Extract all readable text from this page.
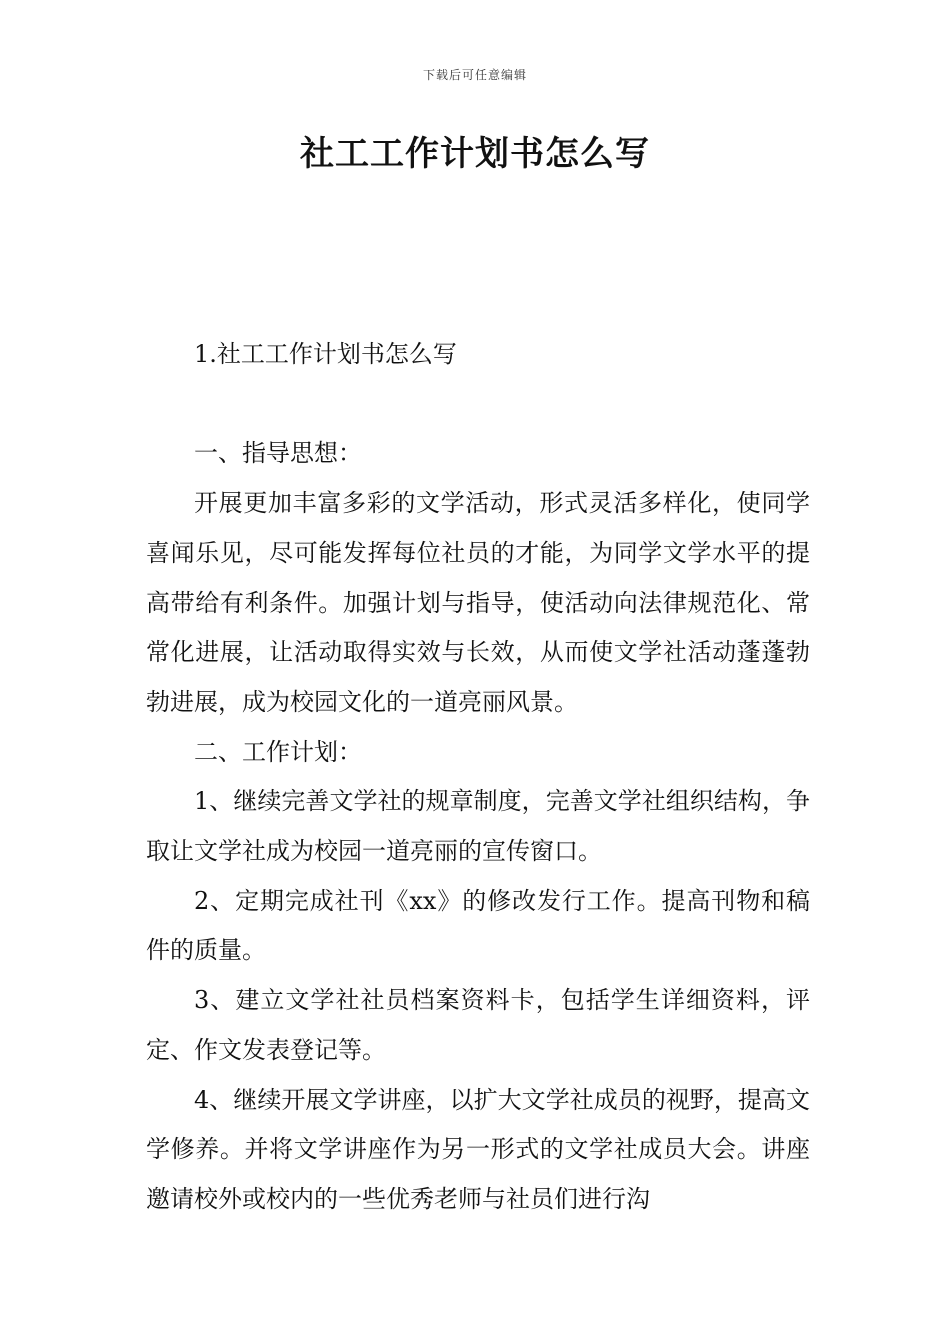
下载后可任意编辑
社工工作计划书怎么写

1.社工工作计划书怎么写

一、指导思想：

开展更加丰富多彩的文学活动，形式灵活多样化，使同学喜闻乐见，尽可能发挥每位社员的才能，为同学文学水平的提高带给有利条件。加强计划与指导，使活动向法律规范化、常常化进展，让活动取得实效与长效，从而使文学社活动蓬蓬勃勃进展，成为校园文化的一道亮丽风景。

二、工作计划：

1、继续完善文学社的规章制度，完善文学社组织结构，争取让文学社成为校园一道亮丽的宣传窗口。

2、定期完成社刊《xx》的修改发行工作。提高刊物和稿件的质量。

3、建立文学社社员档案资料卡，包括学生详细资料，评定、作文发表登记等。

4、继续开展文学讲座，以扩大文学社成员的视野，提高文学修养。并将文学讲座作为另一形式的文学社成员大会。讲座邀请校外或校内的一些优秀老师与社员们进行沟
